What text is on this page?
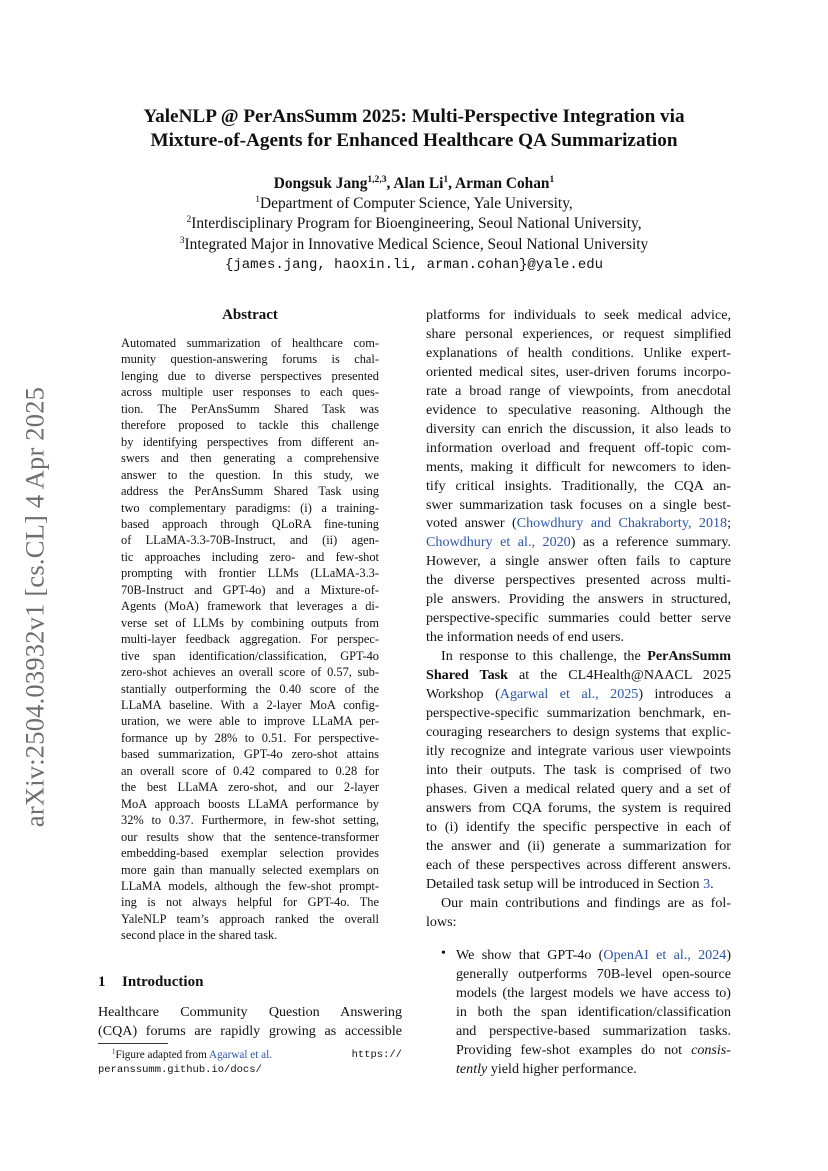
arXiv:2504.03932v1 [cs.CL] 4 Apr 2025
YaleNLP @ PerAnsSumm 2025: Multi-Perspective Integration via
Mixture-of-Agents for Enhanced Healthcare QA Summarization
Dongsuk Jang$^{1,2,3}$, Alan Li$^1$, Arman Cohan$^1$
$^1$Department of Computer Science, Yale University,
$^2$Interdisciplinary Program for Bioengineering, Seoul National University,
$^3$Integrated Major in Innovative Medical Science, Seoul National University
{james.jang, haoxin.li, arman.cohan}@yale.edu
Abstract
Automated summarization of healthcare com-
munity question-answering forums is chal-
lenging due to diverse perspectives presented
across multiple user responses to each ques-
tion. The PerAnsSumm Shared Task was
therefore proposed to tackle this challenge
by identifying perspectives from different an-
swers and then generating a comprehensive
answer to the question. In this study, we
address the PerAnsSumm Shared Task using
two complementary paradigms: (i) a training-
based approach through QLoRA fine-tuning
of LLaMA-3.3-70B-Instruct, and (ii) agen-
tic approaches including zero- and few-shot
prompting with frontier LLMs (LLaMA-3.3-
70B-Instruct and GPT-4o) and a Mixture-of-
Agents (MoA) framework that leverages a di-
verse set of LLMs by combining outputs from
multi-layer feedback aggregation. For perspec-
tive span identification/classification, GPT-4o
zero-shot achieves an overall score of 0.57, sub-
stantially outperforming the 0.40 score of the
LLaMA baseline. With a 2-layer MoA config-
uration, we were able to improve LLaMA per-
formance up by 28% to 0.51. For perspective-
based summarization, GPT-4o zero-shot attains
an overall score of 0.42 compared to 0.28 for
the best LLaMA zero-shot, and our 2-layer
MoA approach boosts LLaMA performance by
32% to 0.37. Furthermore, in few-shot setting,
our results show that the sentence-transformer
embedding-based exemplar selection provides
more gain than manually selected exemplars on
LLaMA models, although the few-shot prompt-
ing is not always helpful for GPT-4o. The
YaleNLP team’s approach ranked the overall
second place in the shared task.
1 Introduction
Healthcare Community Question Answering
(CQA) forums are rapidly growing as accessible
$^1$Figure adapted from Agarwal et al.	https://
peranssumm.github.io/docs/

platforms for individuals to seek medical advice,
share personal experiences, or request simplified
explanations of health conditions. Unlike expert-
oriented medical sites, user-driven forums incorpo-
rate a broad range of viewpoints, from anecdotal
evidence to speculative reasoning. Although the
diversity can enrich the discussion, it also leads to
information overload and frequent off-topic com-
ments, making it difficult for newcomers to iden-
tify critical insights. Traditionally, the CQA an-
swer summarization task focuses on a single best-
voted answer (Chowdhury and Chakraborty, 2018;
Chowdhury et al., 2020) as a reference summary.
However, a single answer often fails to capture
the diverse perspectives presented across multi-
ple answers. Providing the answers in structured,
perspective-specific summaries could better serve
the information needs of end users.

In response to this challenge, the PerAnsSumm
Shared Task at the CL4Health@NAACL 2025
Workshop (Agarwal et al., 2025) introduces a
perspective-specific summarization benchmark, en-
couraging researchers to design systems that explic-
itly recognize and integrate various user viewpoints
into their outputs. The task is comprised of two
phases. Given a medical related query and a set of
answers from CQA forums, the system is required
to (i) identify the specific perspective in each of
the answer and (ii) generate a summarization for
each of these perspectives across different answers.
Detailed task setup will be introduced in Section 3.

Our main contributions and findings are as fol-
lows:

• We show that GPT-4o (OpenAI et al., 2024)
generally outperforms 70B-level open-source
models (the largest models we have access to)
in both the span identification/classification
and perspective-based summarization tasks.
Providing few-shot examples do not consis-
tently yield higher performance.
